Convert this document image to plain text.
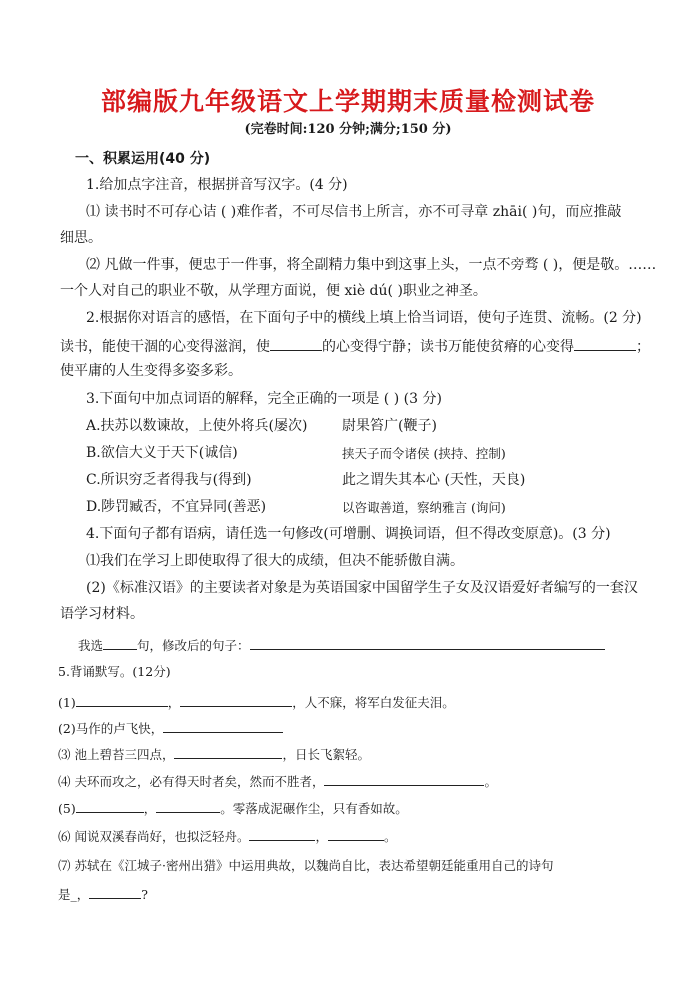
部编版九年级语文上学期期末质量检测试卷
(完卷时间:120 分钟;满分;150 分)
一、积累运用(40 分)
1.给加点字注音，根据拼音写汉字。(4 分)
⑴ 读书时不可存心诘 ( )难作者，不可尽信书上所言，亦不可寻章 zhāi( )句，而应推敲
细思。
⑵ 凡做一件事，便忠于一件事，将全副精力集中到这事上头，一点不旁骛 ( )，便是敬。……
一个人对自己的职业不敬，从学理方面说，便 xiè dú( )职业之神圣。
2.根据你对语言的感悟，在下面句子中的横线上填上恰当词语，使句子连贯、流畅。(2 分)
读书，能使干涸的心变得滋润，使	的心变得宁静；读书万能使贫瘠的心变得	；
使平庸的人生变得多姿多彩。
3.下面句中加点词语的解释，完全正确的一项是 ( ) (3 分)
A.扶苏以数谏故，上使外将兵(屡次) 尉果笞广(鞭子)
B.欲信大义于天下(诚信)	挟天子而令诸侯 (挟持、控制)
C.所识穷乏者得我与(得到)	此之谓失其本心 (天性，天良)
D.陟罚臧否，不宜异同(善恶)	以咨诹善道，察纳雅言 (询问)
4.下面句子都有语病，请任选一句修改(可增删、调换词语，但不得改变原意)。(3 分)
⑴我们在学习上即使取得了很大的成绩，但决不能骄傲自满。
(2)《标准汉语》的主要读者对象是为英语国家中国留学生子女及汉语爱好者编写的一套汉
语学习材料。
我选	句，修改后的句子：
5.背诵默写。(12分)
(1)	，	，人不寐，将军白发征夫泪。
(2)马作的卢飞快，
⑶ 池上碧苔三四点，	，日长飞絮轻。
⑷ 夫环而攻之，必有得天时者矣，然而不胜者，	。
(5)	，	。零落成泥碾作尘，只有香如故。
⑹ 闻说双溪春尚好，也拟泛轻舟。	，	。
⑺ 苏轼在《江城子·密州出猎》中运用典故，以魏尚自比，表达希望朝廷能重用自己的诗句
是_，	?
